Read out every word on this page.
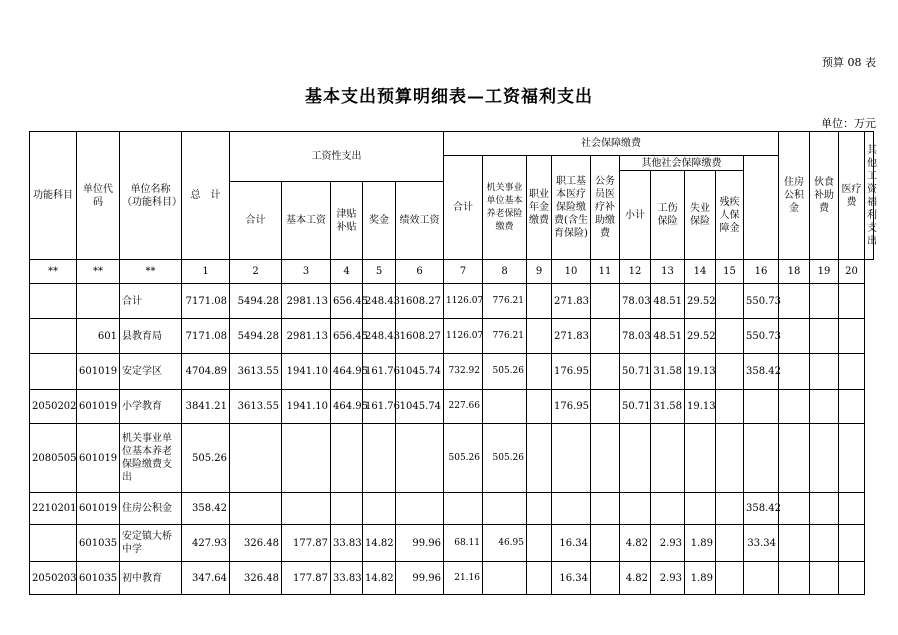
预算 08 表
基本支出预算明细表—工资福利支出
单位：万元
功能科目	单位代码	单位名称（功能科目）	总　计	工资性支出					社会保障缴费										住房公积金	伙食补助费	医疗费	其他工资福利支出
									合计	机关事业单位基本养老保险缴费	职业年金缴费	职工基本医疗保险缴费(含生育保险)	公务员医疗补助缴费	其他社会保障缴费								
														小计	工伤保险	失业保险	残疾人保障金					
				合计	基本工资	津贴补贴	奖金	绩效工资														
**	**	**	1	2	3	4	5	6	7	8	9	10	11	12	13	14	15	16	18	19	20	
		合计	7171.08	5494.28	2981.13	656.45	248.43	1608.27	1126.07	776.21		271.83		78.03	48.51	29.52		550.73				
	601	县教育局	7171.08	5494.28	2981.13	656.45	248.43	1608.27	1126.07	776.21		271.83		78.03	48.51	29.52		550.73				
	601019	安定学区	4704.89	3613.55	1941.10	464.95	161.76	1045.74	732.92	505.26		176.95		50.71	31.58	19.13		358.42				
2050202	601019	小学教育	3841.21	3613.55	1941.10	464.95	161.76	1045.74	227.66			176.95		50.71	31.58	19.13						
2080505	601019	机关事业单位基本养老保险缴费支出	505.26						505.26	505.26												
2210201	601019	住房公积金	358.42															358.42				
	601035	安定镇大桥中学	427.93	326.48	177.87	33.83	14.82	99.96	68.11	46.95		16.34		4.82	2.93	1.89		33.34				
2050203	601035	初中教育	347.64	326.48	177.87	33.83	14.82	99.96	21.16			16.34		4.82	2.93	1.89						
